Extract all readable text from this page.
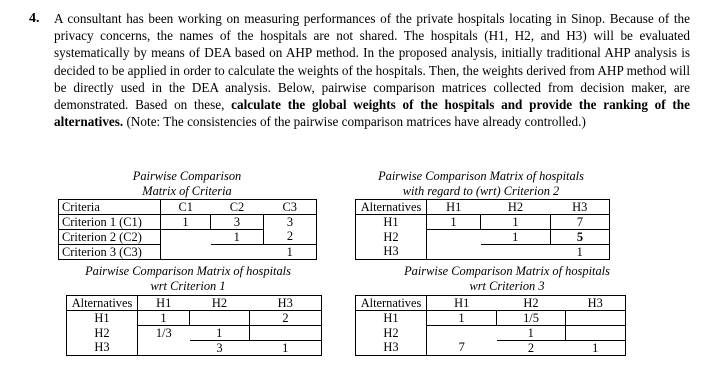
4. A consultant has been working on measuring performances of the private hospitals locating in Sinop. Because of the privacy concerns, the names of the hospitals are not shared. The hospitals (H1, H2, and H3) will be evaluated systematically by means of DEA based on AHP method. In the proposed analysis, initially traditional AHP analysis is decided to be applied in order to calculate the weights of the hospitals. Then, the weights derived from AHP method will be directly used in the DEA analysis. Below, pairwise comparison matrices collected from decision maker, are demonstrated. Based on these, calculate the global weights of the hospitals and provide the ranking of the alternatives. (Note: The consistencies of the pairwise comparison matrices have already controlled.)
Pairwise Comparison
Matrix of Criteria
Criteria	C1	C2	C3
Criterion 1 (C1)	1	3	3
Criterion 2 (C2)		1	2
Criterion 3 (C3)			1
Pairwise Comparison Matrix of hospitals
with regard to (wrt) Criterion 2
Alternatives	H1	H2	H3
H1	1	1	7
H2		1	5
H3			1
Pairwise Comparison Matrix of hospitals
wrt Criterion 1
Alternatives	H1	H2	H3
H1	1		2
H2	1/3	1	
H3		3	1
Pairwise Comparison Matrix of hospitals
wrt Criterion 3
Alternatives	H1	H2	H3
H1	1	1/5	
H2		1	
H3	7	2	1
